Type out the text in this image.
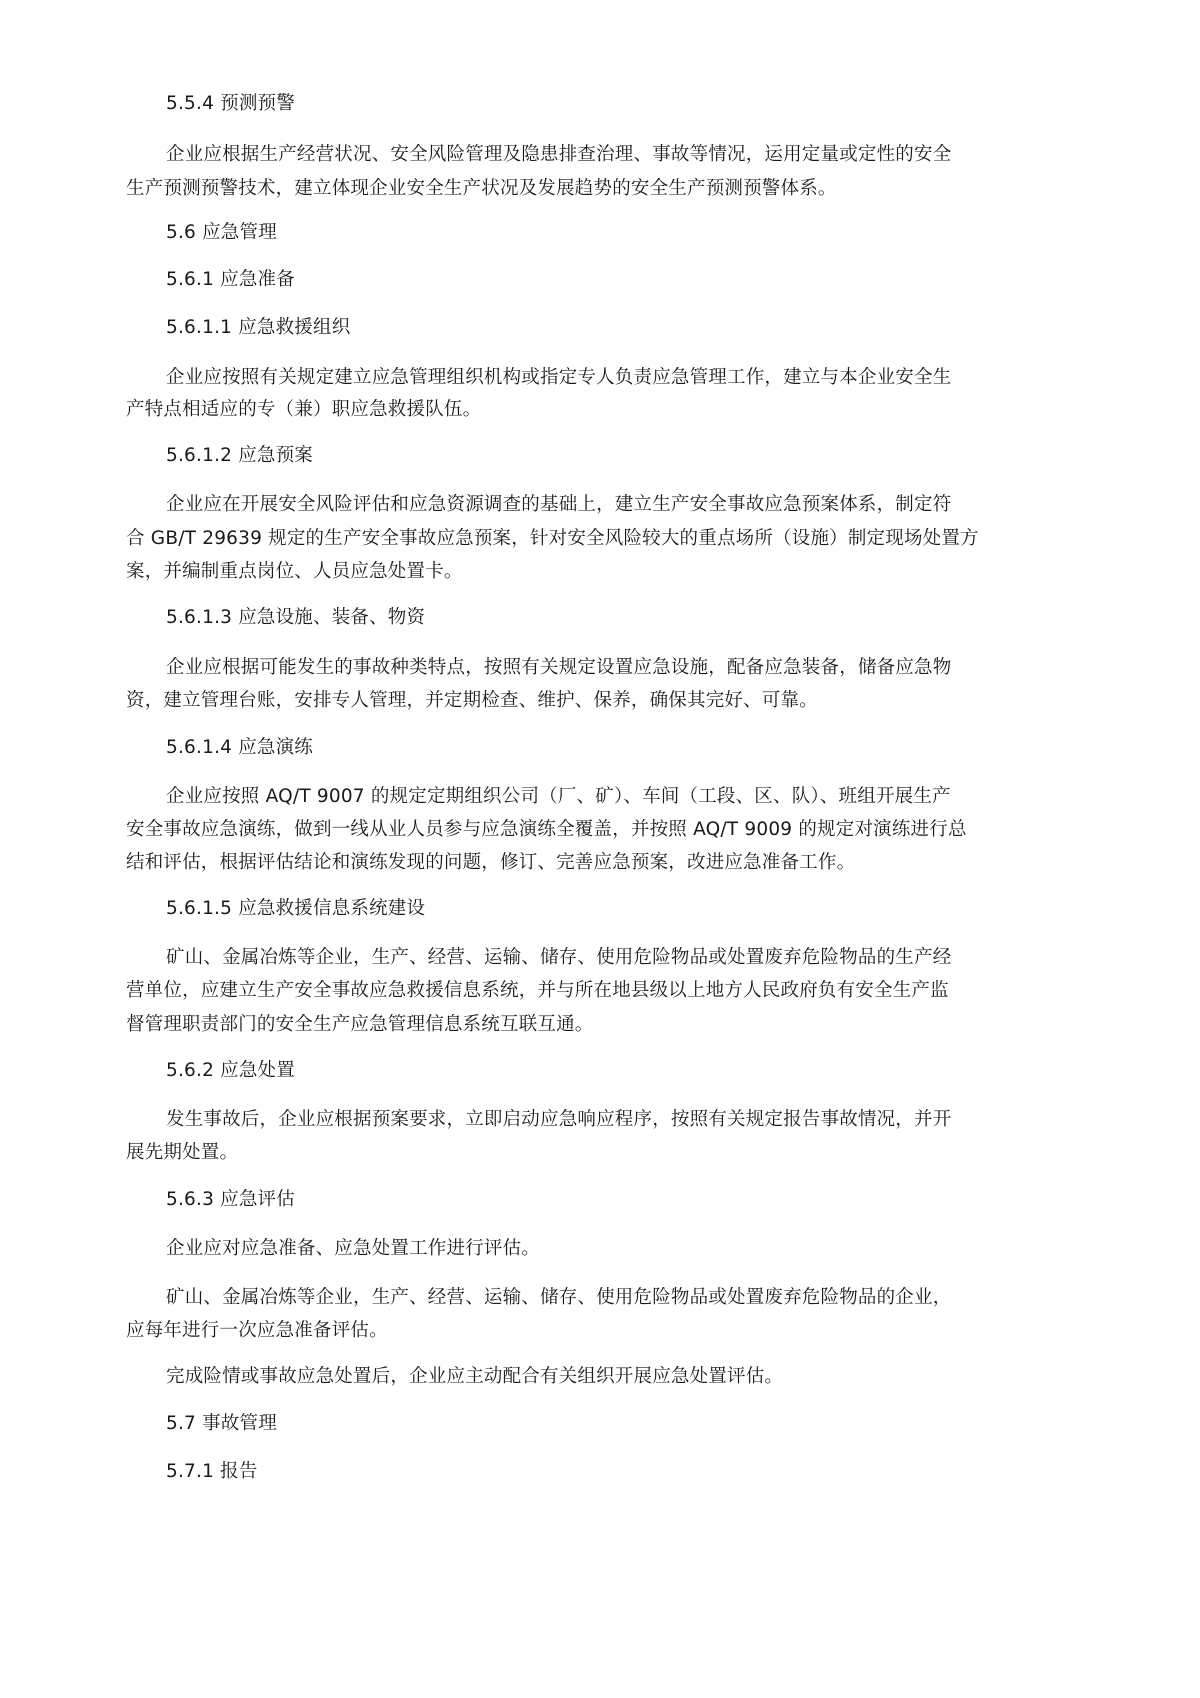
5.5.4 预测预警
企业应根据生产经营状况、安全风险管理及隐患排查治理、事故等情况，运用定量或定性的安全
生产预测预警技术，建立体现企业安全生产状况及发展趋势的安全生产预测预警体系。
5.6 应急管理
5.6.1 应急准备
5.6.1.1 应急救援组织
企业应按照有关规定建立应急管理组织机构或指定专人负责应急管理工作，建立与本企业安全生
产特点相适应的专（兼）职应急救援队伍。
5.6.1.2 应急预案
企业应在开展安全风险评估和应急资源调查的基础上，建立生产安全事故应急预案体系，制定符
合 GB/T 29639 规定的生产安全事故应急预案，针对安全风险较大的重点场所（设施）制定现场处置方
案，并编制重点岗位、人员应急处置卡。
5.6.1.3 应急设施、装备、物资
企业应根据可能发生的事故种类特点，按照有关规定设置应急设施，配备应急装备，储备应急物
资，建立管理台账，安排专人管理，并定期检查、维护、保养，确保其完好、可靠。
5.6.1.4 应急演练
企业应按照 AQ/T 9007 的规定定期组织公司（厂、矿）、车间（工段、区、队）、班组开展生产
安全事故应急演练，做到一线从业人员参与应急演练全覆盖，并按照 AQ/T 9009 的规定对演练进行总
结和评估，根据评估结论和演练发现的问题，修订、完善应急预案，改进应急准备工作。
5.6.1.5 应急救援信息系统建设
矿山、金属冶炼等企业，生产、经营、运输、储存、使用危险物品或处置废弃危险物品的生产经
营单位，应建立生产安全事故应急救援信息系统，并与所在地县级以上地方人民政府负有安全生产监
督管理职责部门的安全生产应急管理信息系统互联互通。
5.6.2 应急处置
发生事故后，企业应根据预案要求，立即启动应急响应程序，按照有关规定报告事故情况，并开
展先期处置。
5.6.3 应急评估
企业应对应急准备、应急处置工作进行评估。
矿山、金属冶炼等企业，生产、经营、运输、储存、使用危险物品或处置废弃危险物品的企业，
应每年进行一次应急准备评估。
完成险情或事故应急处置后，企业应主动配合有关组织开展应急处置评估。
5.7 事故管理
5.7.1 报告
